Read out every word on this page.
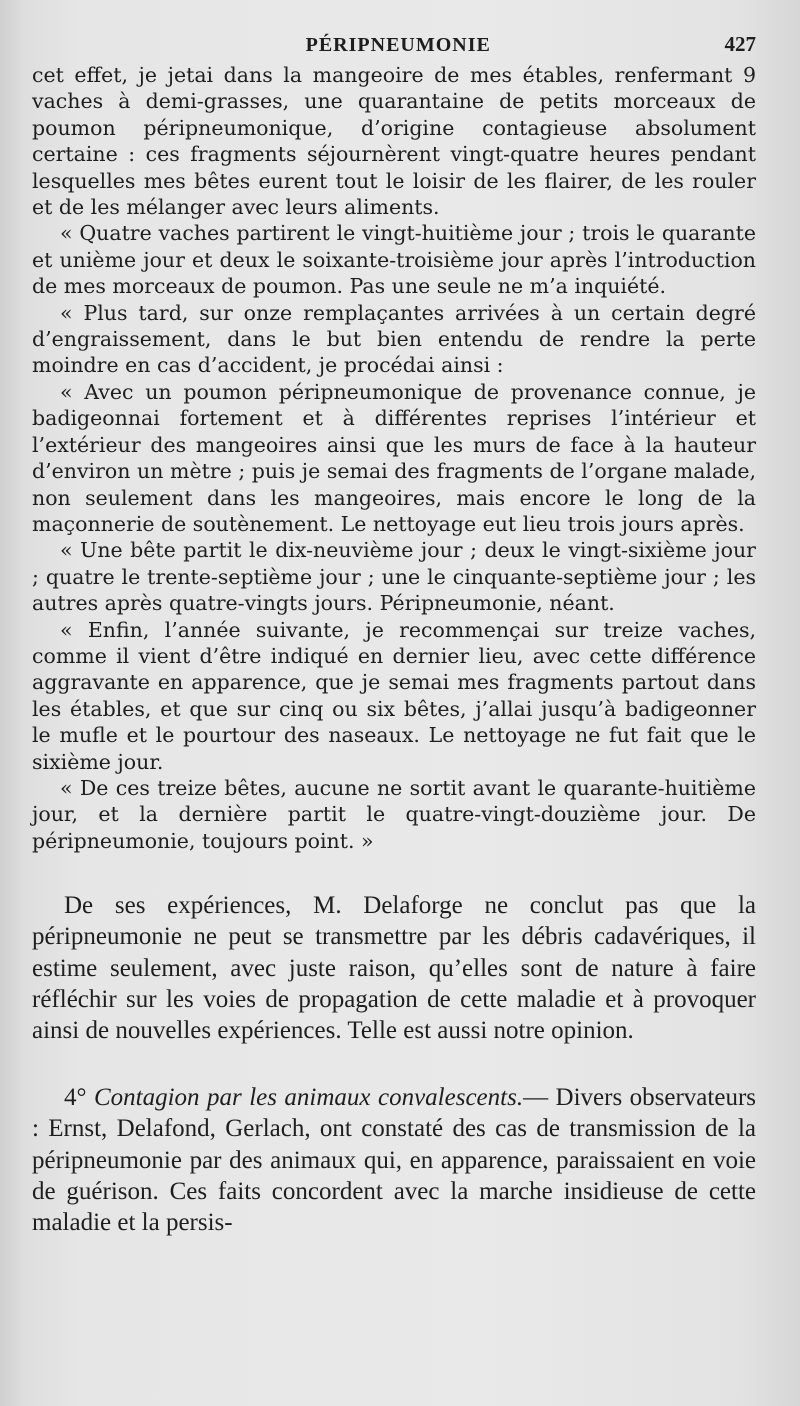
PÉRIPNEUMONIE	427

cet effet, je jetai dans la mangeoire de mes étables, renfermant 9 vaches à demi-grasses, une quarantaine de petits morceaux de poumon péripneumonique, d’origine contagieuse absolument certaine : ces fragments séjournèrent vingt-quatre heures pendant lesquelles mes bêtes eurent tout le loisir de les flairer, de les rouler et de les mélanger avec leurs aliments.

« Quatre vaches partirent le vingt-huitième jour ; trois le quarante et unième jour et deux le soixante-troisième jour après l’introduction de mes morceaux de poumon. Pas une seule ne m’a inquiété.

« Plus tard, sur onze remplaçantes arrivées à un certain degré d’engraissement, dans le but bien entendu de rendre la perte moindre en cas d’accident, je procédai ainsi :

« Avec un poumon péripneumonique de provenance connue, je badigeonnai fortement et à différentes reprises l’intérieur et l’extérieur des mangeoires ainsi que les murs de face à la hauteur d’environ un mètre ; puis je semai des fragments de l’organe malade, non seulement dans les mangeoires, mais encore le long de la maçonnerie de soutènement. Le nettoyage eut lieu trois jours après.

« Une bête partit le dix-neuvième jour ; deux le vingt-sixième jour ; quatre le trente-septième jour ; une le cinquante-septième jour ; les autres après quatre-vingts jours. Péripneumonie, néant.

« Enfin, l’année suivante, je recommençai sur treize vaches, comme il vient d’être indiqué en dernier lieu, avec cette différence aggravante en apparence, que je semai mes fragments partout dans les étables, et que sur cinq ou six bêtes, j’allai jusqu’à badigeonner le mufle et le pourtour des naseaux. Le nettoyage ne fut fait que le sixième jour.

« De ces treize bêtes, aucune ne sortit avant le quarante-huitième jour, et la dernière partit le quatre-vingt-douzième jour. De péripneumonie, toujours point. »

De ses expériences, M. Delaforge ne conclut pas que la péripneumonie ne peut se transmettre par les débris cadavériques, il estime seulement, avec juste raison, qu’elles sont de nature à faire réfléchir sur les voies de propagation de cette maladie et à provoquer ainsi de nouvelles expériences. Telle est aussi notre opinion.

4° Contagion par les animaux convalescents.— Divers observateurs : Ernst, Delafond, Gerlach, ont constaté des cas de transmission de la péripneumonie par des animaux qui, en apparence, paraissaient en voie de guérison. Ces faits concordent avec la marche insidieuse de cette maladie et la persis-
